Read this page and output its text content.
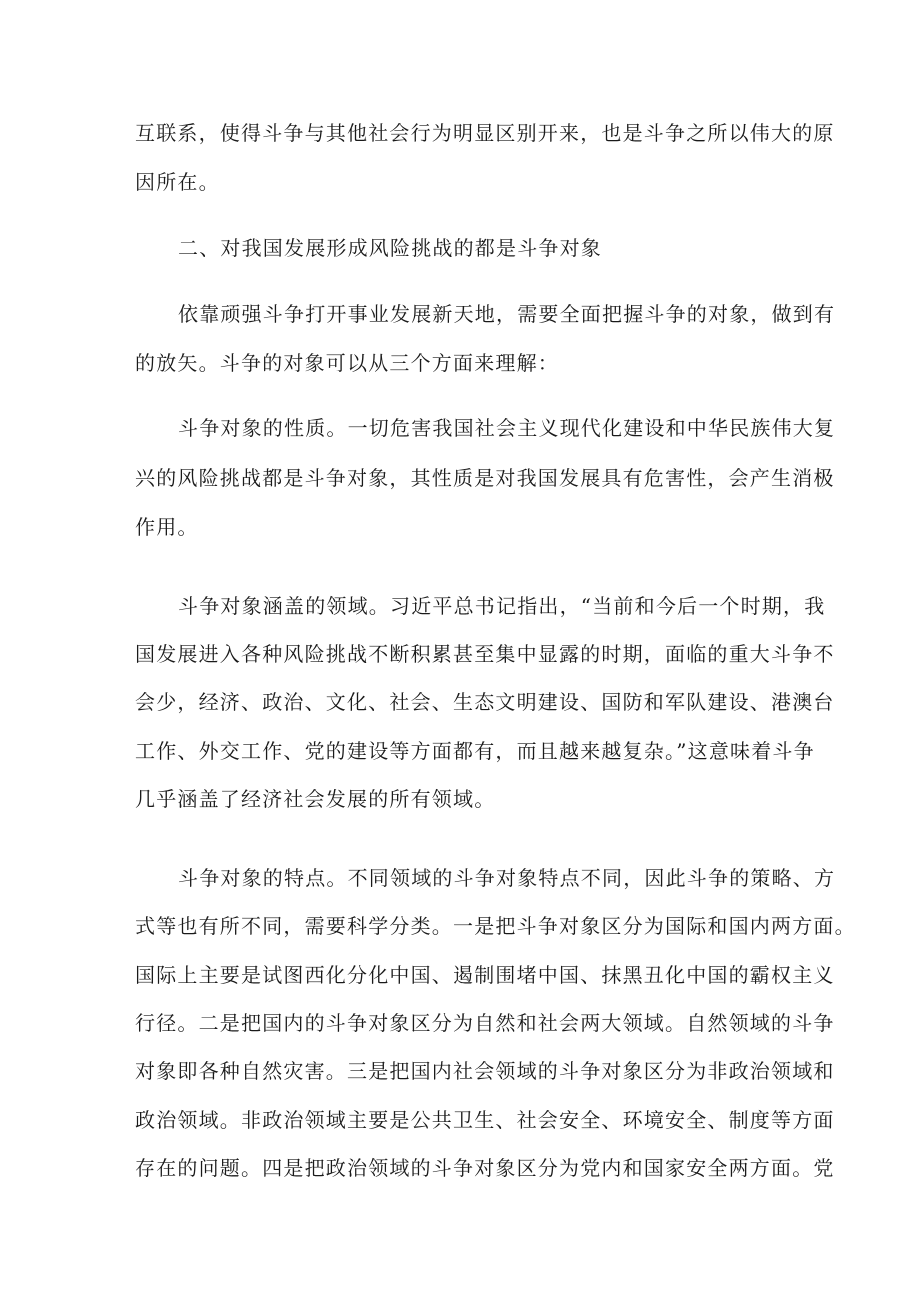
互联系，使得斗争与其他社会行为明显区别开来，也是斗争之所以伟大的原
因所在。
二、对我国发展形成风险挑战的都是斗争对象
依靠顽强斗争打开事业发展新天地，需要全面把握斗争的对象，做到有
的放矢。斗争的对象可以从三个方面来理解：
斗争对象的性质。一切危害我国社会主义现代化建设和中华民族伟大复
兴的风险挑战都是斗争对象，其性质是对我国发展具有危害性，会产生消极
作用。
斗争对象涵盖的领域。习近平总书记指出，“当前和今后一个时期，我
国发展进入各种风险挑战不断积累甚至集中显露的时期，面临的重大斗争不
会少，经济、政治、文化、社会、生态文明建设、国防和军队建设、港澳台
工作、外交工作、党的建设等方面都有，而且越来越复杂。”这意味着斗争
几乎涵盖了经济社会发展的所有领域。
斗争对象的特点。不同领域的斗争对象特点不同，因此斗争的策略、方
式等也有所不同，需要科学分类。一是把斗争对象区分为国际和国内两方面。
国际上主要是试图西化分化中国、遏制围堵中国、抹黑丑化中国的霸权主义
行径。二是把国内的斗争对象区分为自然和社会两大领域。自然领域的斗争
对象即各种自然灾害。三是把国内社会领域的斗争对象区分为非政治领域和
政治领域。非政治领域主要是公共卫生、社会安全、环境安全、制度等方面
存在的问题。四是把政治领域的斗争对象区分为党内和国家安全两方面。党
